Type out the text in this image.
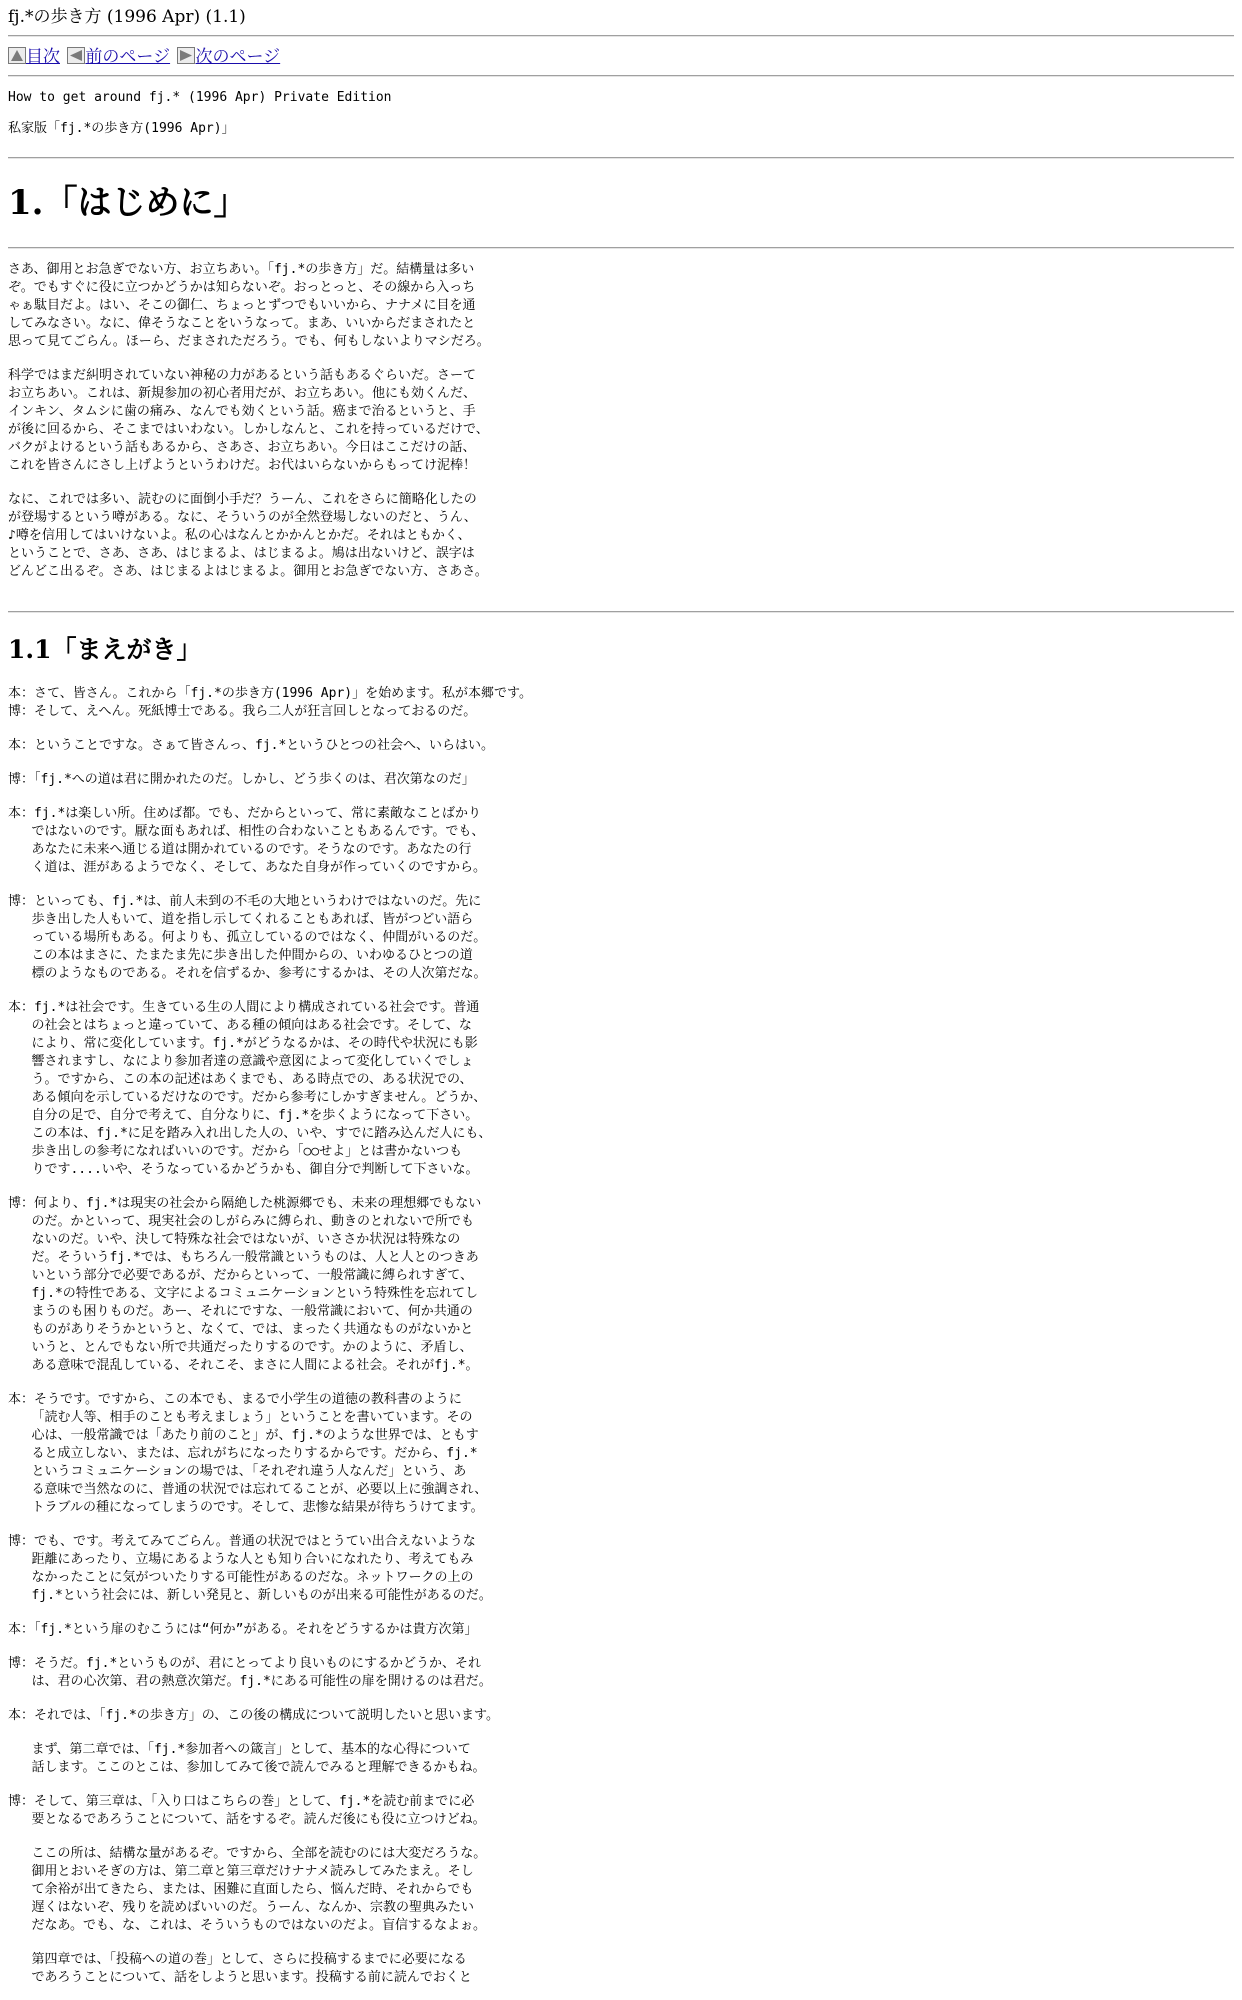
fj.*の歩き方 (1996 Apr) (1.1)
目次 前のページ 次のページ
How to get around fj.* (1996 Apr) Private Edition
私家版「fj.*の歩き方(1996 Apr)」
1.「はじめに」
さあ、御用とお急ぎでない方、お立ちあい。「fj.*の歩き方」だ。結構量は多い
ぞ。でもすぐに役に立つかどうかは知らないぞ。おっとっと、その線から入っち
ゃぁ駄目だよ。はい、そこの御仁、ちょっとずつでもいいから、ナナメに目を通
してみなさい。なに、偉そうなことをいうなって。まあ、いいからだまされたと
思って見てごらん。ほーら、だまされただろう。でも、何もしないよりマシだろ。
科学ではまだ糾明されていない神秘の力があるという話もあるぐらいだ。さーて
お立ちあい。これは、新規参加の初心者用だが、お立ちあい。他にも効くんだ、
インキン、タムシに歯の痛み、なんでも効くという話。癌まで治るというと、手
が後に回るから、そこまではいわない。しかしなんと、これを持っているだけで、
バクがよけるという話もあるから、さあさ、お立ちあい。今日はここだけの話、
これを皆さんにさし上げようというわけだ。お代はいらないからもってけ泥棒！
なに、これでは多い、読むのに面倒小手だ？うーん、これをさらに簡略化したの
が登場するという噂がある。なに、そういうのが全然登場しないのだと、うん、
♪噂を信用してはいけないよ。私の心はなんとかかんとかだ。それはともかく、
ということで、さあ、さあ、はじまるよ、はじまるよ。鳩は出ないけど、誤字は
どんどこ出るぞ。さあ、はじまるよはじまるよ。御用とお急ぎでない方、さあさ。
1.1「まえがき」
本：さて、皆さん。これから「fj.*の歩き方(1996 Apr)」を始めます。私が本郷です。
博：そして、えへん。死紙博士である。我ら二人が狂言回しとなっておるのだ。
本：ということですな。さぁて皆さんっ、fj.*というひとつの社会へ、いらはい。
博：「fj.*への道は君に開かれたのだ。しかし、どう歩くのは、君次第なのだ」
本：fj.*は楽しい所。住めば都。でも、だからといって、常に素敵なことばかり
ではないのです。厭な面もあれば、相性の合わないこともあるんです。でも、
あなたに未来へ通じる道は開かれているのです。そうなのです。あなたの行
く道は、涯があるようでなく、そして、あなた自身が作っていくのですから。
博：といっても、fj.*は、前人未到の不毛の大地というわけではないのだ。先に
歩き出した人もいて、道を指し示してくれることもあれば、皆がつどい語ら
っている場所もある。何よりも、孤立しているのではなく、仲間がいるのだ。
この本はまさに、たまたま先に歩き出した仲間からの、いわゆるひとつの道
標のようなものである。それを信ずるか、参考にするかは、その人次第だな。
本：fj.*は社会です。生きている生の人間により構成されている社会です。普通
の社会とはちょっと違っていて、ある種の傾向はある社会です。そして、な
により、常に変化しています。fj.*がどうなるかは、その時代や状況にも影
響されますし、なにより参加者達の意識や意図によって変化していくでしょ
う。ですから、この本の記述はあくまでも、ある時点での、ある状況での、
ある傾向を示しているだけなのです。だから参考にしかすぎません。どうか、
自分の足で、自分で考えて、自分なりに、fj.*を歩くようになって下さい。
この本は、fj.*に足を踏み入れ出した人の、いや、すでに踏み込んだ人にも、
歩き出しの参考になればいいのです。だから「○○せよ」とは書かないつも
りです....いや、そうなっているかどうかも、御自分で判断して下さいな。
博：何より、fj.*は現実の社会から隔絶した桃源郷でも、未来の理想郷でもない
のだ。かといって、現実社会のしがらみに縛られ、動きのとれないで所でも
ないのだ。いや、決して特殊な社会ではないが、いささか状況は特殊なの
だ。そういうfj.*では、もちろん一般常識というものは、人と人とのつきあ
いという部分で必要であるが、だからといって、一般常識に縛られすぎて、
fj.*の特性である、文字によるコミュニケーションという特殊性を忘れてし
まうのも困りものだ。あー、それにですな、一般常識において、何か共通の
ものがありそうかというと、なくて、では、まったく共通なものがないかと
いうと、とんでもない所で共通だったりするのです。かのように、矛盾し、
ある意味で混乱している、それこそ、まさに人間による社会。それがfj.*。
本：そうです。ですから、この本でも、まるで小学生の道徳の教科書のように
「読む人等、相手のことも考えましょう」ということを書いています。その
心は、一般常識では「あたり前のこと」が、fj.*のような世界では、ともす
ると成立しない、または、忘れがちになったりするからです。だから、fj.*
というコミュニケーションの場では、「それぞれ違う人なんだ」という、あ
る意味で当然なのに、普通の状況では忘れてることが、必要以上に強調され、
トラブルの種になってしまうのです。そして、悲惨な結果が待ちうけてます。
博：でも、です。考えてみてごらん。普通の状況ではとうてい出合えないような
距離にあったり、立場にあるような人とも知り合いになれたり、考えてもみ
なかったことに気がついたりする可能性があるのだな。ネットワークの上の
fj.*という社会には、新しい発見と、新しいものが出来る可能性があるのだ。
本：「fj.*という扉のむこうには“何か”がある。それをどうするかは貴方次第」
博：そうだ。fj.*というものが、君にとってより良いものにするかどうか、それ
は、君の心次第、君の熱意次第だ。fj.*にある可能性の扉を開けるのは君だ。
本：それでは、「fj.*の歩き方」の、この後の構成について説明したいと思います。
まず、第二章では、「fj.*参加者への箴言」として、基本的な心得について
話します。ここのとこは、参加してみて後で読んでみると理解できるかもね。

博：そして、第三章は、「入り口はこちらの巻」として、fj.*を読む前までに必
要となるであろうことについて、話をするぞ。読んだ後にも役に立つけどね。
ここの所は、結構な量があるぞ。ですから、全部を読むのには大変だろうな。
御用とおいそぎの方は、第二章と第三章だけナナメ読みしてみたまえ。そし
て余裕が出てきたら、または、困難に直面したら、悩んだ時、それからでも
遅くはないぞ、残りを読めばいいのだ。うーん、なんか、宗教の聖典みたい
だなあ。でも、な、これは、そういうものではないのだよ。盲信するなよぉ。
第四章では、「投稿への道の巻」として、さらに投稿するまでに必要になる
であろうことについて、話をしようと思います。投稿する前に読んでおくと
